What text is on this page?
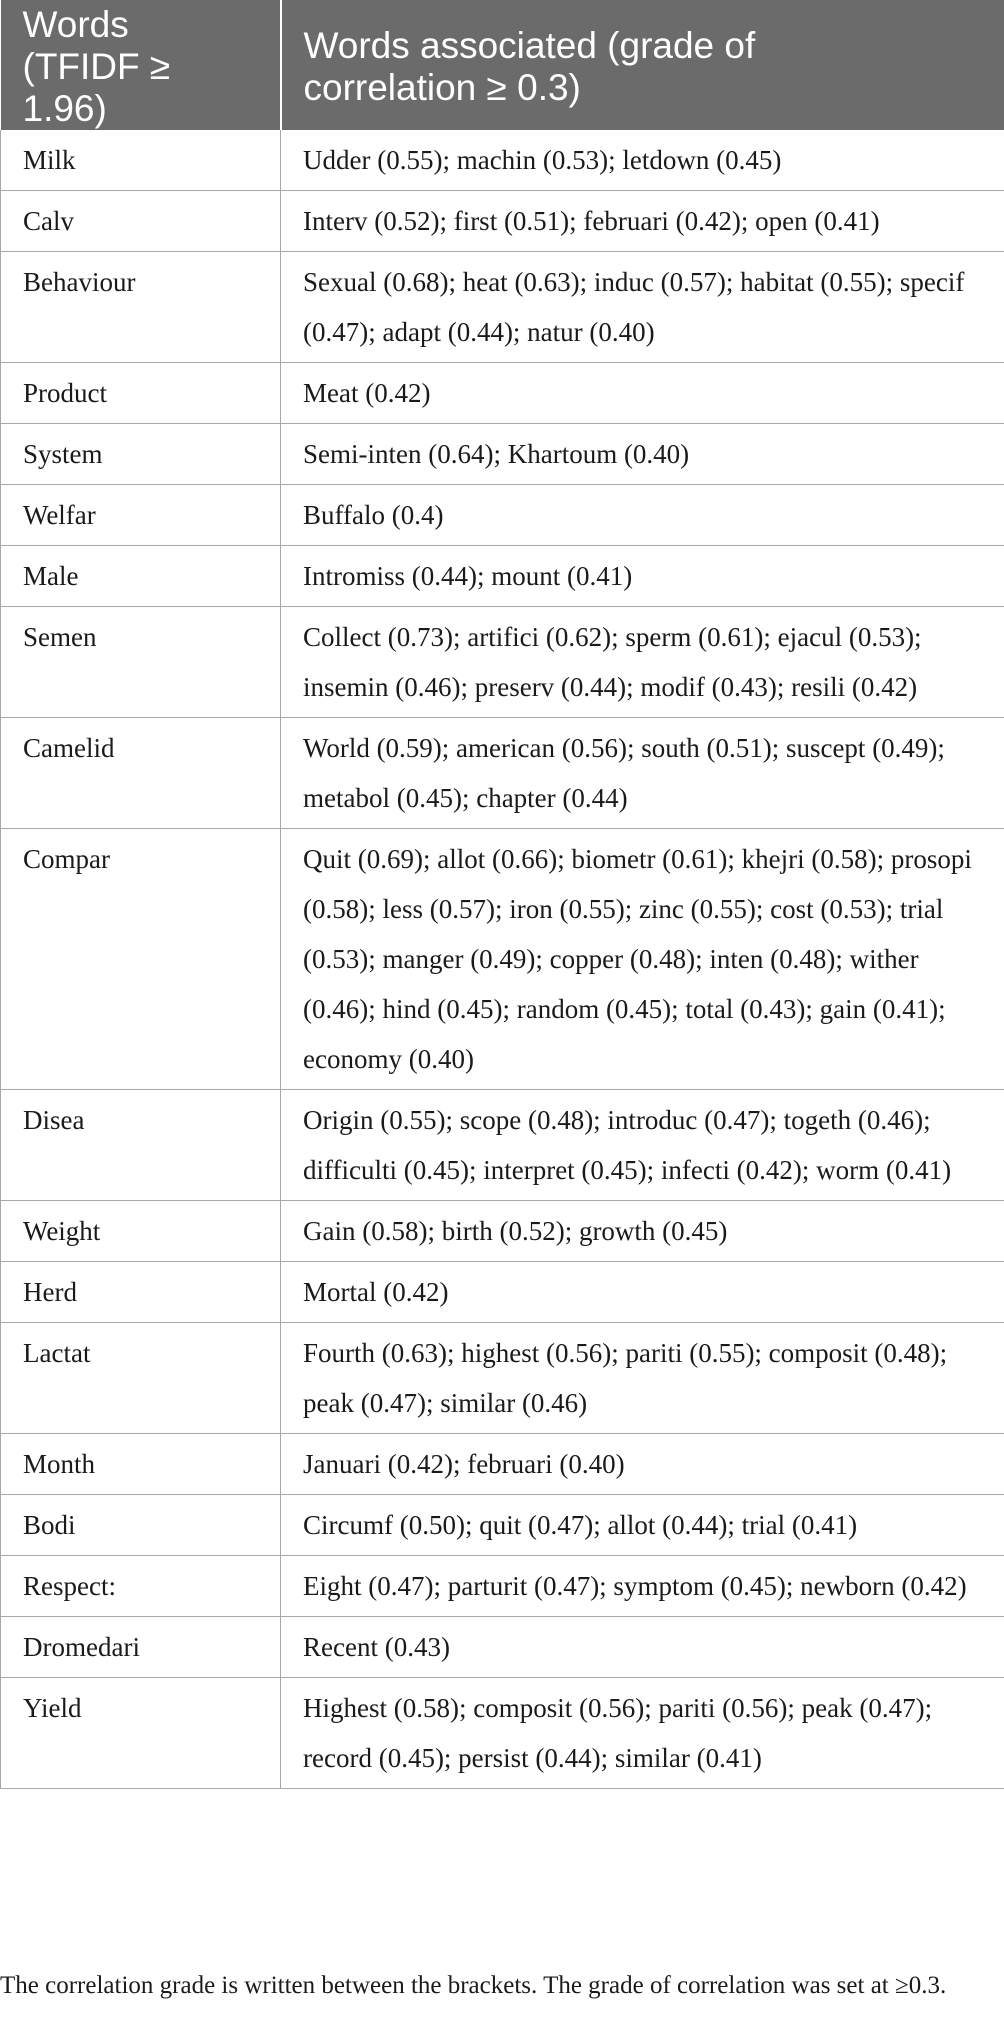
Words
(TFIDF ≥ 1.96)	Words associated (grade of
correlation ≥ 0.3)

Milk	Udder (0.55); machin (0.53); letdown (0.45)
Calv	Interv (0.52); first (0.51); februari (0.42); open (0.41)
Behaviour	Sexual (0.68); heat (0.63); induc (0.57); habitat (0.55); specif (0.47); adapt (0.44); natur (0.40)
Product	Meat (0.42)
System	Semi-inten (0.64); Khartoum (0.40)
Welfar	Buffalo (0.4)
Male	Intromiss (0.44); mount (0.41)
Semen	Collect (0.73); artifici (0.62); sperm (0.61); ejacul (0.53); insemin (0.46); preserv (0.44); modif (0.43); resili (0.42)
Camelid	World (0.59); american (0.56); south (0.51); suscept (0.49); metabol (0.45); chapter (0.44)
Compar	Quit (0.69); allot (0.66); biometr (0.61); khejri (0.58); prosopi (0.58); less (0.57); iron (0.55); zinc (0.55); cost (0.53); trial (0.53); manger (0.49); copper (0.48); inten (0.48); wither (0.46); hind (0.45); random (0.45); total (0.43); gain (0.41); economy (0.40)
Disea	Origin (0.55); scope (0.48); introduc (0.47); togeth (0.46); difficulti (0.45); interpret (0.45); infecti (0.42); worm (0.41)
Weight	Gain (0.58); birth (0.52); growth (0.45)
Herd	Mortal (0.42)
Lactat	Fourth (0.63); highest (0.56); pariti (0.55); composit (0.48); peak (0.47); similar (0.46)
Month	Januari (0.42); februari (0.40)
Bodi	Circumf (0.50); quit (0.47); allot (0.44); trial (0.41)
Respect:	Eight (0.47); parturit (0.47); symptom (0.45); newborn (0.42)
Dromedari	Recent (0.43)
Yield	Highest (0.58); composit (0.56); pariti (0.56); peak (0.47); record (0.45); persist (0.44); similar (0.41)

The correlation grade is written between the brackets. The grade of correlation was set at ≥0.3.
